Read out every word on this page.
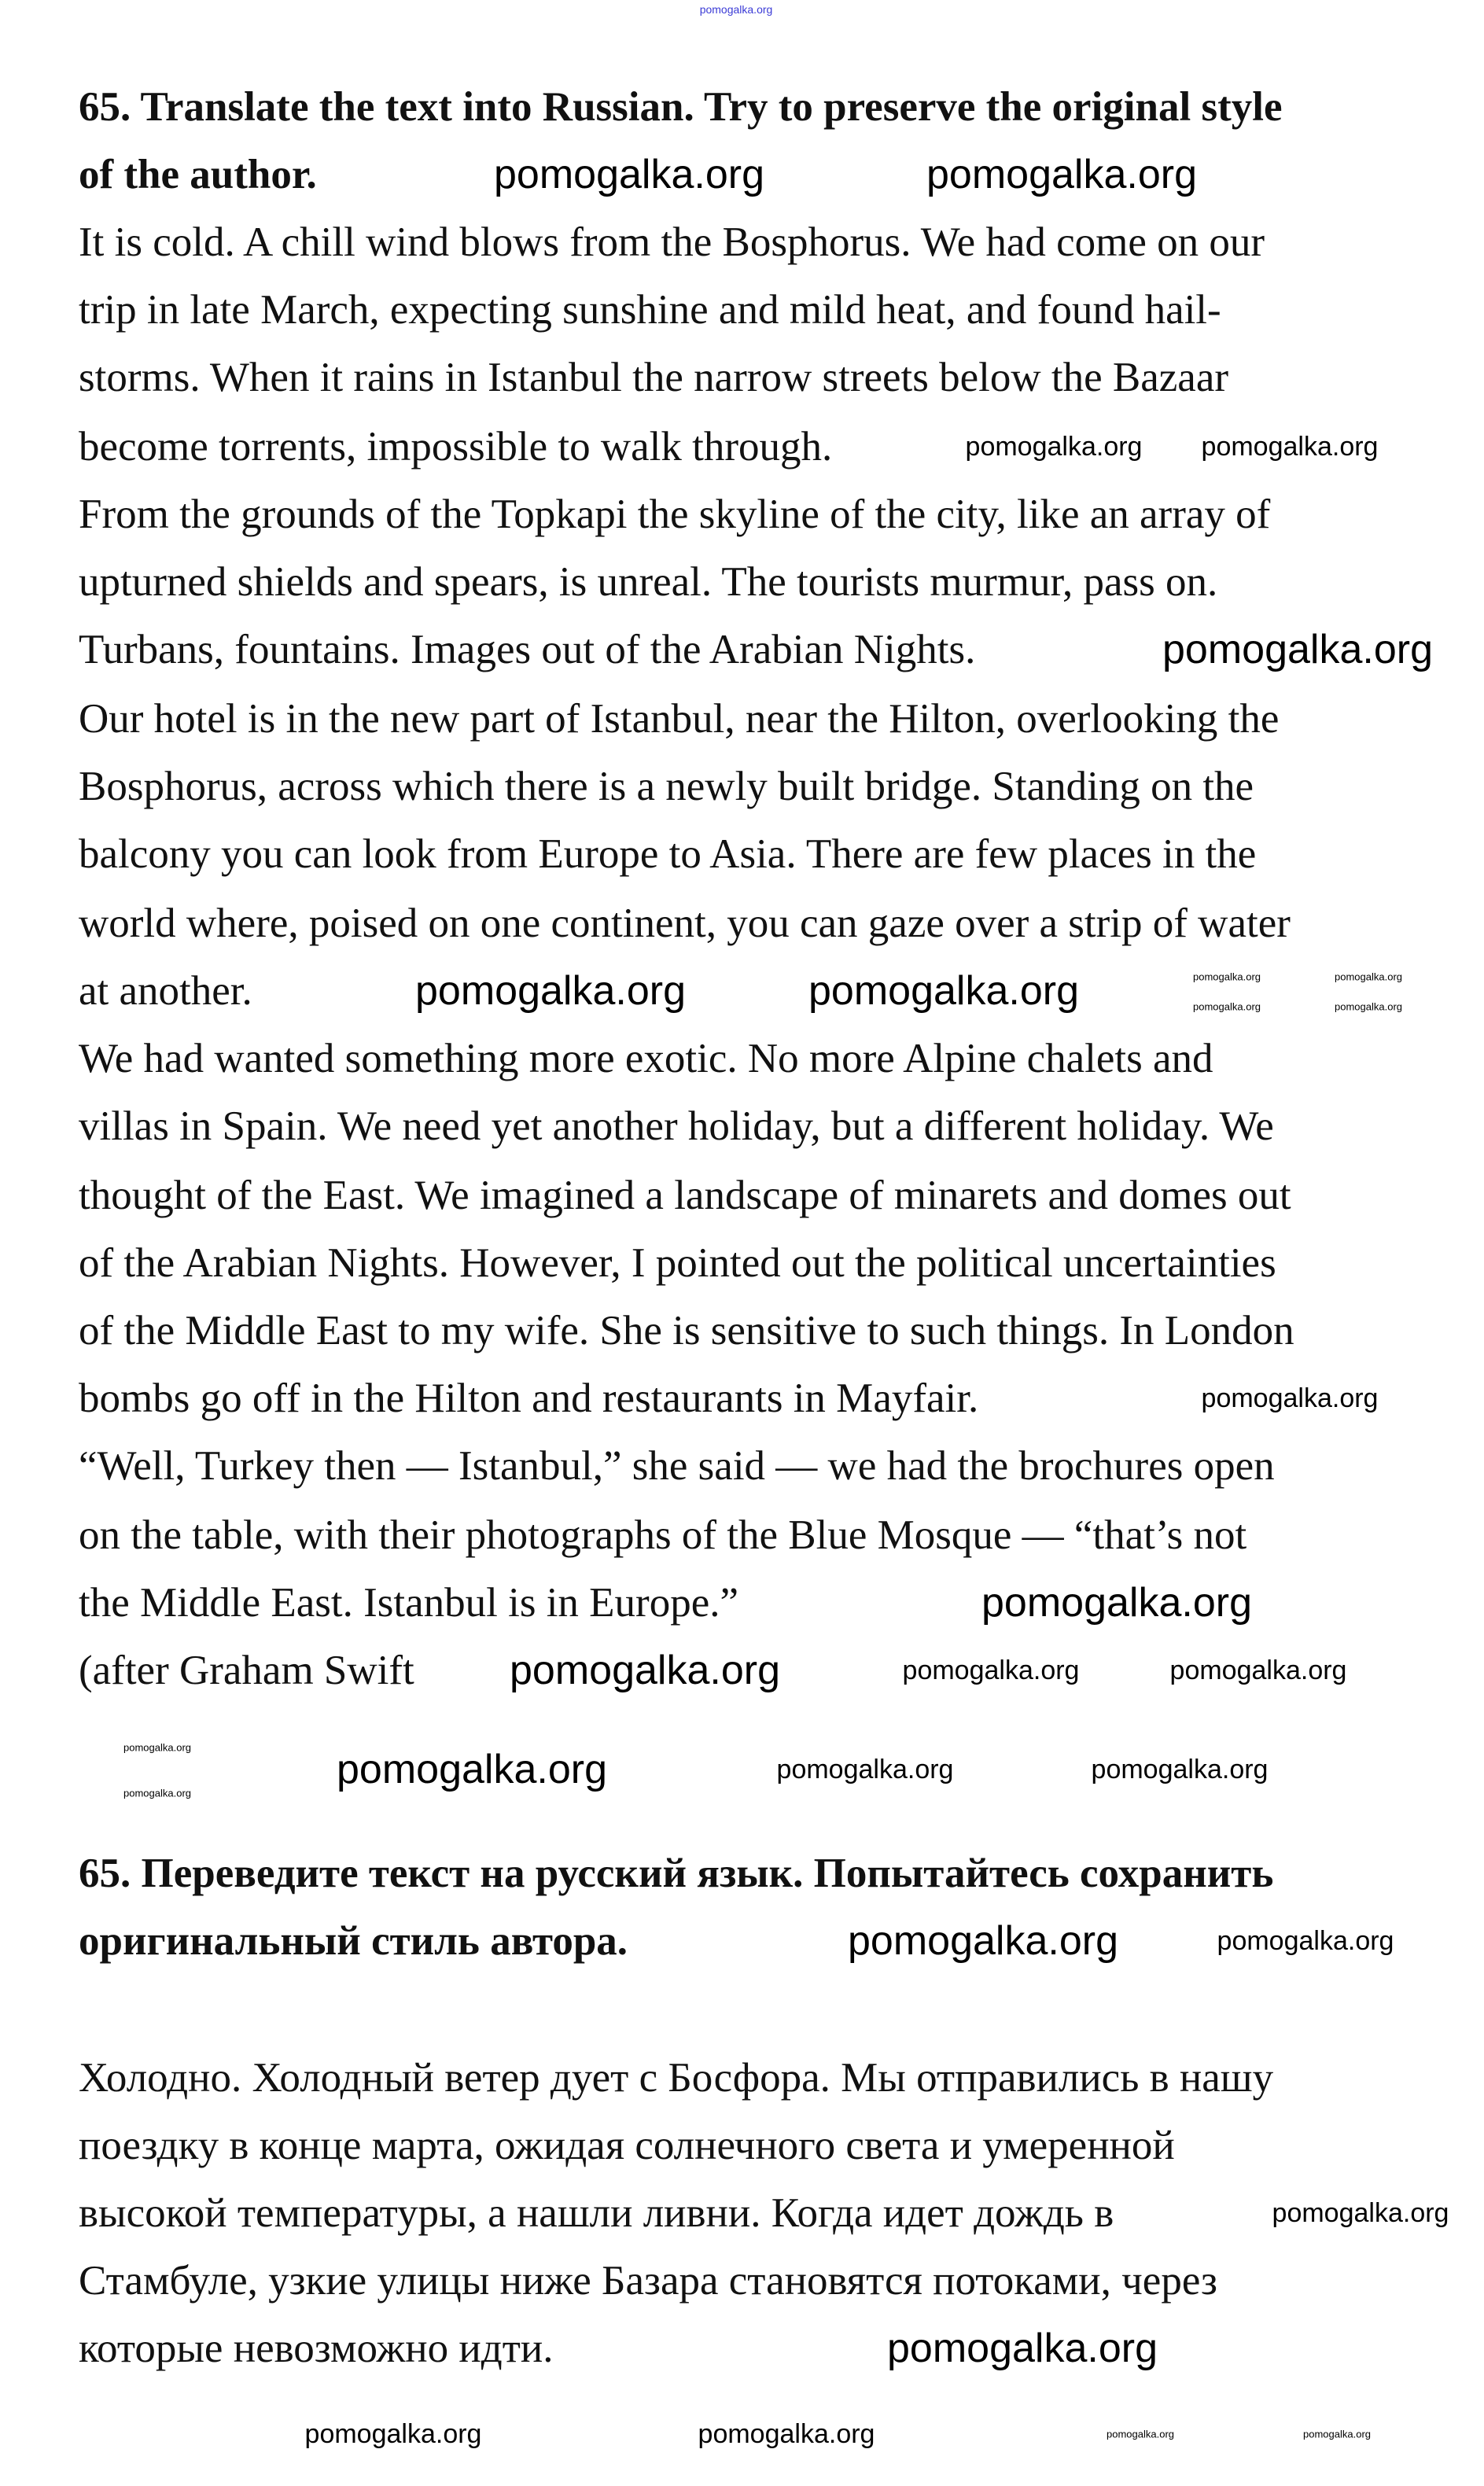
65. Translate the text into Russian. Try to preserve the original style
of the author.
It is cold. A chill wind blows from the Bosphorus. We had come on our
trip in late March, expecting sunshine and mild heat, and found hail-
storms. When it rains in Istanbul the narrow streets below the Bazaar
become torrents, impossible to walk through.
From the grounds of the Topkapi the skyline of the city, like an array of
upturned shields and spears, is unreal. The tourists murmur, pass on.
Turbans, fountains. Images out of the Arabian Nights.
Our hotel is in the new part of Istanbul, near the Hilton, overlooking the
Bosphorus, across which there is a newly built bridge. Standing on the
balcony you can look from Europe to Asia. There are few places in the
world where, poised on one continent, you can gaze over a strip of water
at another.
We had wanted something more exotic. No more Alpine chalets and
villas in Spain. We need yet another holiday, but a different holiday. We
thought of the East. We imagined a landscape of minarets and domes out
of the Arabian Nights. However, I pointed out the political uncertainties
of the Middle East to my wife. She is sensitive to such things. In London
bombs go off in the Hilton and restaurants in Mayfair.
“Well, Turkey then — Istanbul,” she said — we had the brochures open
on the table, with their photographs of the Blue Mosque — “that’s not
the Middle East. Istanbul is in Europe.”
(after Graham Swift
65. Переведите текст на русский язык. Попытайтесь сохранить
оригинальный стиль автора.
Холодно. Холодный ветер дует с Босфора. Мы отправились в нашу
поездку в конце марта, ожидая солнечного света и умеренной
высокой температуры, а нашли ливни. Когда идет дождь в
Стамбуле, узкие улицы ниже Базара становятся потоками, через
которые невозможно идти.
pomogalka.org
pomogalka.org	pomogalka.org
pomogalka.org
pomogalka.org	pomogalka.org
pomogalka.org
pomogalka.org
pomogalka.org
pomogalka.org
pomogalka.org
pomogalka.org pomogalka.org
pomogalka.org
pomogalka.org	pomogalka.org
pomogalka.org	pomogalka.org
pomogalka.org
pomogalka.org
pomogalka.org	pomogalka.org
pomogalka.org
pomogalka.org
pomogalka.org
pomogalka.org
pomogalka.org
pomogalka.org
pomogalka.org	pomogalka.org
